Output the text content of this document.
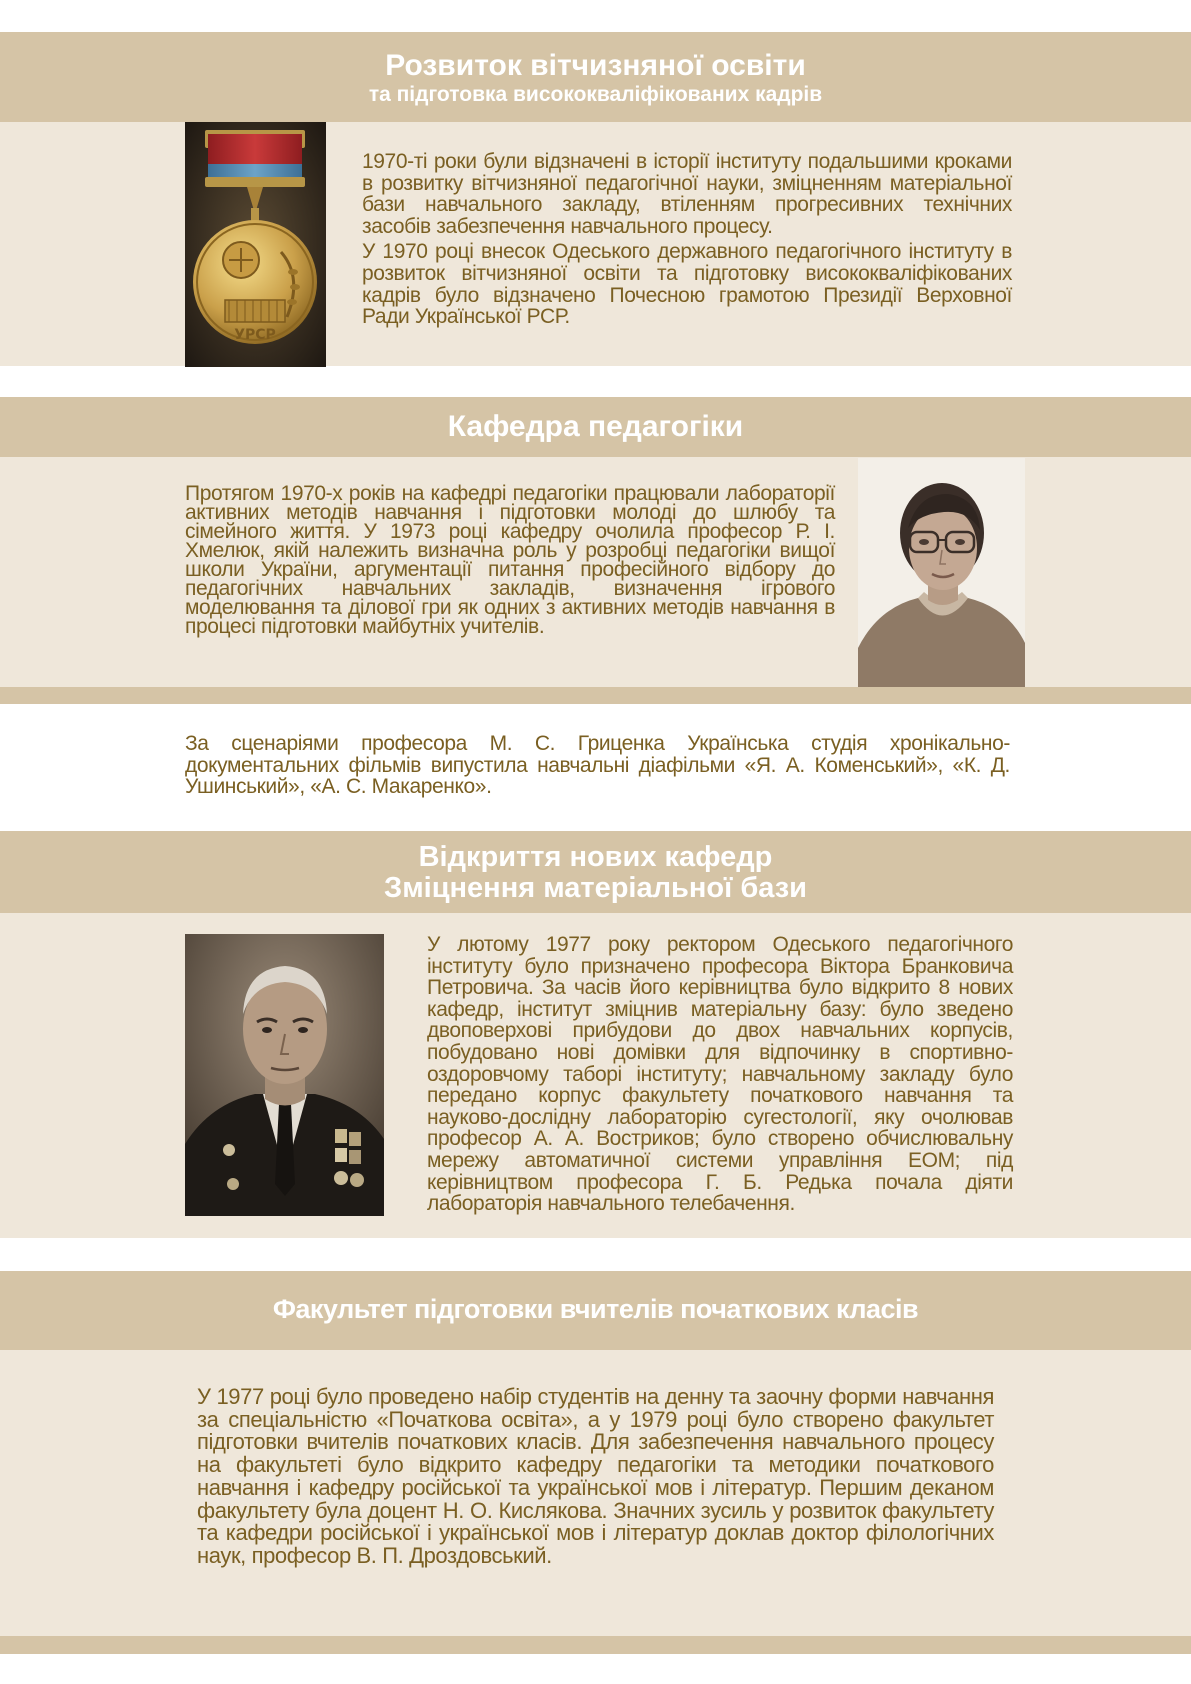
Розвиток вітчизняної освіти
та підготовка висококваліфікованих кадрів
УРСР

1970-ті роки були відзначені в історії інституту подальшими кроками в розвитку вітчизняної педагогічної науки, зміцненням матеріальної бази навчального закладу, втіленням прогресивних технічних засобів забезпечення навчального процесу.

У 1970 році внесок Одеського державного педагогічного інституту в розвиток вітчизняної освіти та підготовку висококваліфікованих кадрів було відзначено Почесною грамотою Президії Верховної Ради Української РСР.

Кафедра педагогіки
Протягом 1970-х років на кафедрі педагогіки працювали лабораторії активних методів навчання і підготовки молоді до шлюбу та сімейного життя. У 1973 році кафедру очолила професор Р. І. Хмелюк, якій належить визначна роль у розробці педагогіки вищої школи України, аргументації питання професійного відбору до педагогічних навчальних закладів, визначення ігрового моделювання та ділової гри як одних з активних методів навчання в процесі підготовки майбутніх учителів.
За сценаріями професора М. С. Гриценка Українська студія хронікально-документальних фільмів випустила навчальні діафільми «Я. А. Коменський», «К. Д. Ушинський», «А. С. Макаренко».
Відкриття нових кафедр
Зміцнення матеріальної бази
У лютому 1977 року ректором Одеського педагогічного інституту було призначено професора Віктора Бранковича Петровича. За часів його керівництва було відкрито 8 нових кафедр, інститут зміцнив матеріальну базу: було зведено двоповерхові прибудови до двох навчальних корпусів, побудовано нові домівки для відпочинку в спортивно-оздоровчому таборі інституту; навчальному закладу було передано корпус факультету початкового навчання та науково-дослідну лабораторію сугестології, яку очолював професор А. А. Востриков; було створено обчислювальну мережу автоматичної системи управління ЕОМ; під керівництвом професора Г. Б. Редька почала діяти лабораторія навчального телебачення.
Факультет підготовки вчителів початкових класів
У 1977 році було проведено набір студентів на денну та заочну форми навчання за спеціальністю «Початкова освіта», а у 1979 році було створено факультет підготовки вчителів початкових класів. Для забезпечення навчального процесу на факультеті було відкрито кафедру педагогіки та методики початкового навчання і кафедру російської та української мов і літератур. Першим деканом факультету була доцент Н. О. Кислякова. Значних зусиль у розвиток факультету та кафедри російської і української мов і літератур доклав доктор філологічних наук, професор В. П. Дроздовський.
